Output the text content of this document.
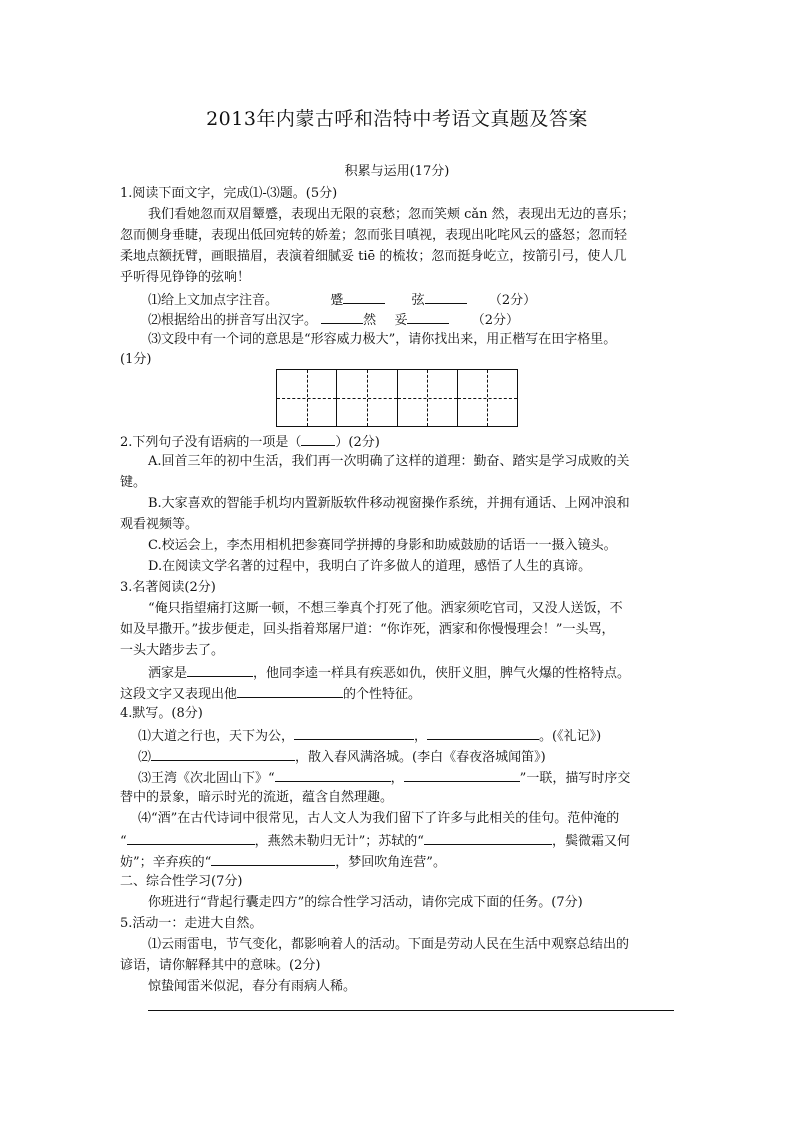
2013年内蒙古呼和浩特中考语文真题及答案
积累与运用(17分)
1.阅读下面文字，完成⑴-⑶题。(5分)
我们看她忽而双眉颦蹙，表现出无限的哀愁；忽而笑颊 cǎn 然，表现出无边的喜乐；
忽而侧身垂睫，表现出低回宛转的娇羞；忽而张目嗔视，表现出叱咤风云的盛怒；忽而轻
柔地点额抚臂，画眼描眉，表演着细腻妥 tiē 的梳妆；忽而挺身屹立，按箭引弓，使人几
乎听得见铮铮的弦响！
⑴给上文加点字注音。	蹙	弦	（2分）
⑵根据给出的拼音写出汉字。	然 妥	（2分）
⑶文段中有一个词的意思是“形容威力极大”，请你找出来，用正楷写在田字格里。
(1分)
2.下列句子没有语病的一项是（	）(2分)
A.回首三年的初中生活，我们再一次明确了这样的道理：勤奋、踏实是学习成败的关
键。
B.大家喜欢的智能手机均内置新版软件移动视窗操作系统，并拥有通话、上网冲浪和
观看视频等。
C.校运会上，李杰用相机把参赛同学拼搏的身影和助威鼓励的话语一一摄入镜头。
D.在阅读文学名著的过程中，我明白了许多做人的道理，感悟了人生的真谛。
3.名著阅读(2分)
“俺只指望痛打这厮一顿，不想三拳真个打死了他。洒家须吃官司，又没人送饭，不
如及早撒开。”拔步便走，回头指着郑屠尸道：“你诈死，洒家和你慢慢理会！”一头骂，
一头大踏步去了。
洒家是	，他同李逵一样具有疾恶如仇，侠肝义胆，脾气火爆的性格特点。
这段文字又表现出他	的个性特征。
4.默写。(8分)
⑴大道之行也，天下为公，	，	。(《礼记》)
⑵	，散入春风满洛城。(李白《春夜洛城闻笛》)
⑶王湾《次北固山下》“	，	”一联，描写时序交
替中的景象，暗示时光的流逝，蕴含自然理趣。
⑷“酒”在古代诗词中很常见，古人文人为我们留下了许多与此相关的佳句。范仲淹的
“	，燕然未勒归无计”；苏轼的“	，鬓微霜又何
妨”；辛弃疾的“	，梦回吹角连营”。
二、综合性学习(7分)
你班进行“背起行囊走四方”的综合性学习活动，请你完成下面的任务。(7分)
5.活动一：走进大自然。
⑴云雨雷电，节气变化，都影响着人的活动。下面是劳动人民在生活中观察总结出的
谚语，请你解释其中的意味。(2分)
惊蛰闻雷米似泥，春分有雨病人稀。
